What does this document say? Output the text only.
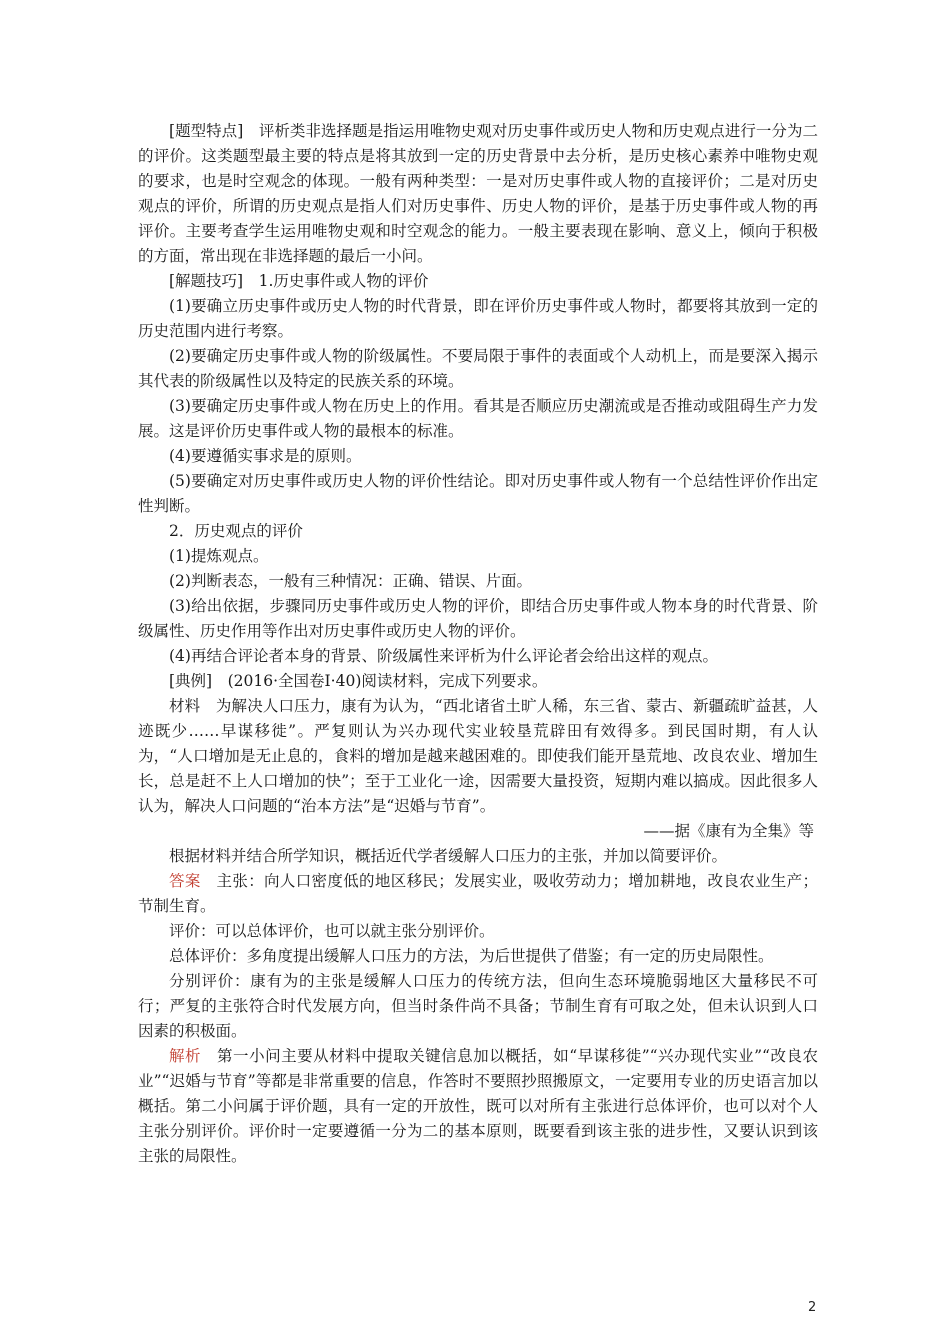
[题型特点]　 评析类非选择题是指运用唯物史观对历史事件或历史人物和历史观点进行一分为二的评价。这类题型最主要的特点是将其放到一定的历史背景中去分析，是历史核心素养中唯物史观的要求，也是时空观念的体现。一般有两种类型：一是对历史事件或人物的直接评价；二是对历史观点的评价，所谓的历史观点是指人们对历史事件、历史人物的评价，是基于历史事件或人物的再评价。主要考查学生运用唯物史观和时空观念的能力。一般主要表现在影响、意义上，倾向于积极的方面，常出现在非选择题的最后一小问。

[解题技巧]　 1.历史事件或人物的评价

(1)要确立历史事件或历史人物的时代背景，即在评价历史事件或人物时，都要将其放到一定的历史范围内进行考察。

(2)要确定历史事件或人物的阶级属性。不要局限于事件的表面或个人动机上，而是要深入揭示其代表的阶级属性以及特定的民族关系的环境。

(3)要确定历史事件或人物在历史上的作用。看其是否顺应历史潮流或是否推动或阻碍生产力发展。这是评价历史事件或人物的最根本的标准。

(4)要遵循实事求是的原则。

(5)要确定对历史事件或历史人物的评价性结论。即对历史事件或人物有一个总结性评价作出定性判断。

2．历史观点的评价

(1)提炼观点。

(2)判断表态，一般有三种情况：正确、错误、片面。

(3)给出依据，步骤同历史事件或历史人物的评价，即结合历史事件或人物本身的时代背景、阶级属性、历史作用等作出对历史事件或历史人物的评价。

(4)再结合评论者本身的背景、阶级属性来评析为什么评论者会给出这样的观点。

[典例]　 (2016·全国卷Ⅰ·40)阅读材料，完成下列要求。

材料　 为解决人口压力，康有为认为，“西北诸省土旷人稀，东三省、蒙古、新疆疏旷益甚，人迹既少……早谋移徙”。严复则认为兴办现代实业较垦荒辟田有效得多。到民国时期，有人认为，“人口增加是无止息的，食料的增加是越来越困难的。即使我们能开垦荒地、改良农业、增加生长，总是赶不上人口增加的快”；至于工业化一途，因需要大量投资，短期内难以搞成。因此很多人认为，解决人口问题的“治本方法”是“迟婚与节育”。

——据《康有为全集》等

根据材料并结合所学知识，概括近代学者缓解人口压力的主张，并加以简要评价。

答案　 主张：向人口密度低的地区移民；发展实业，吸收劳动力；增加耕地，改良农业生产；节制生育。

评价：可以总体评价，也可以就主张分别评价。

总体评价：多角度提出缓解人口压力的方法，为后世提供了借鉴；有一定的历史局限性。

分别评价：康有为的主张是缓解人口压力的传统方法，但向生态环境脆弱地区大量移民不可行；严复的主张符合时代发展方向，但当时条件尚不具备；节制生育有可取之处，但未认识到人口因素的积极面。

解析　 第一小问主要从材料中提取关键信息加以概括，如“早谋移徙”“兴办现代实业”“改良农业”“迟婚与节育”等都是非常重要的信息，作答时不要照抄照搬原文，一定要用专业的历史语言加以概括。第二小问属于评价题，具有一定的开放性，既可以对所有主张进行总体评价，也可以对个人主张分别评价。评价时一定要遵循一分为二的基本原则，既要看到该主张的进步性，又要认识到该主张的局限性。

2
